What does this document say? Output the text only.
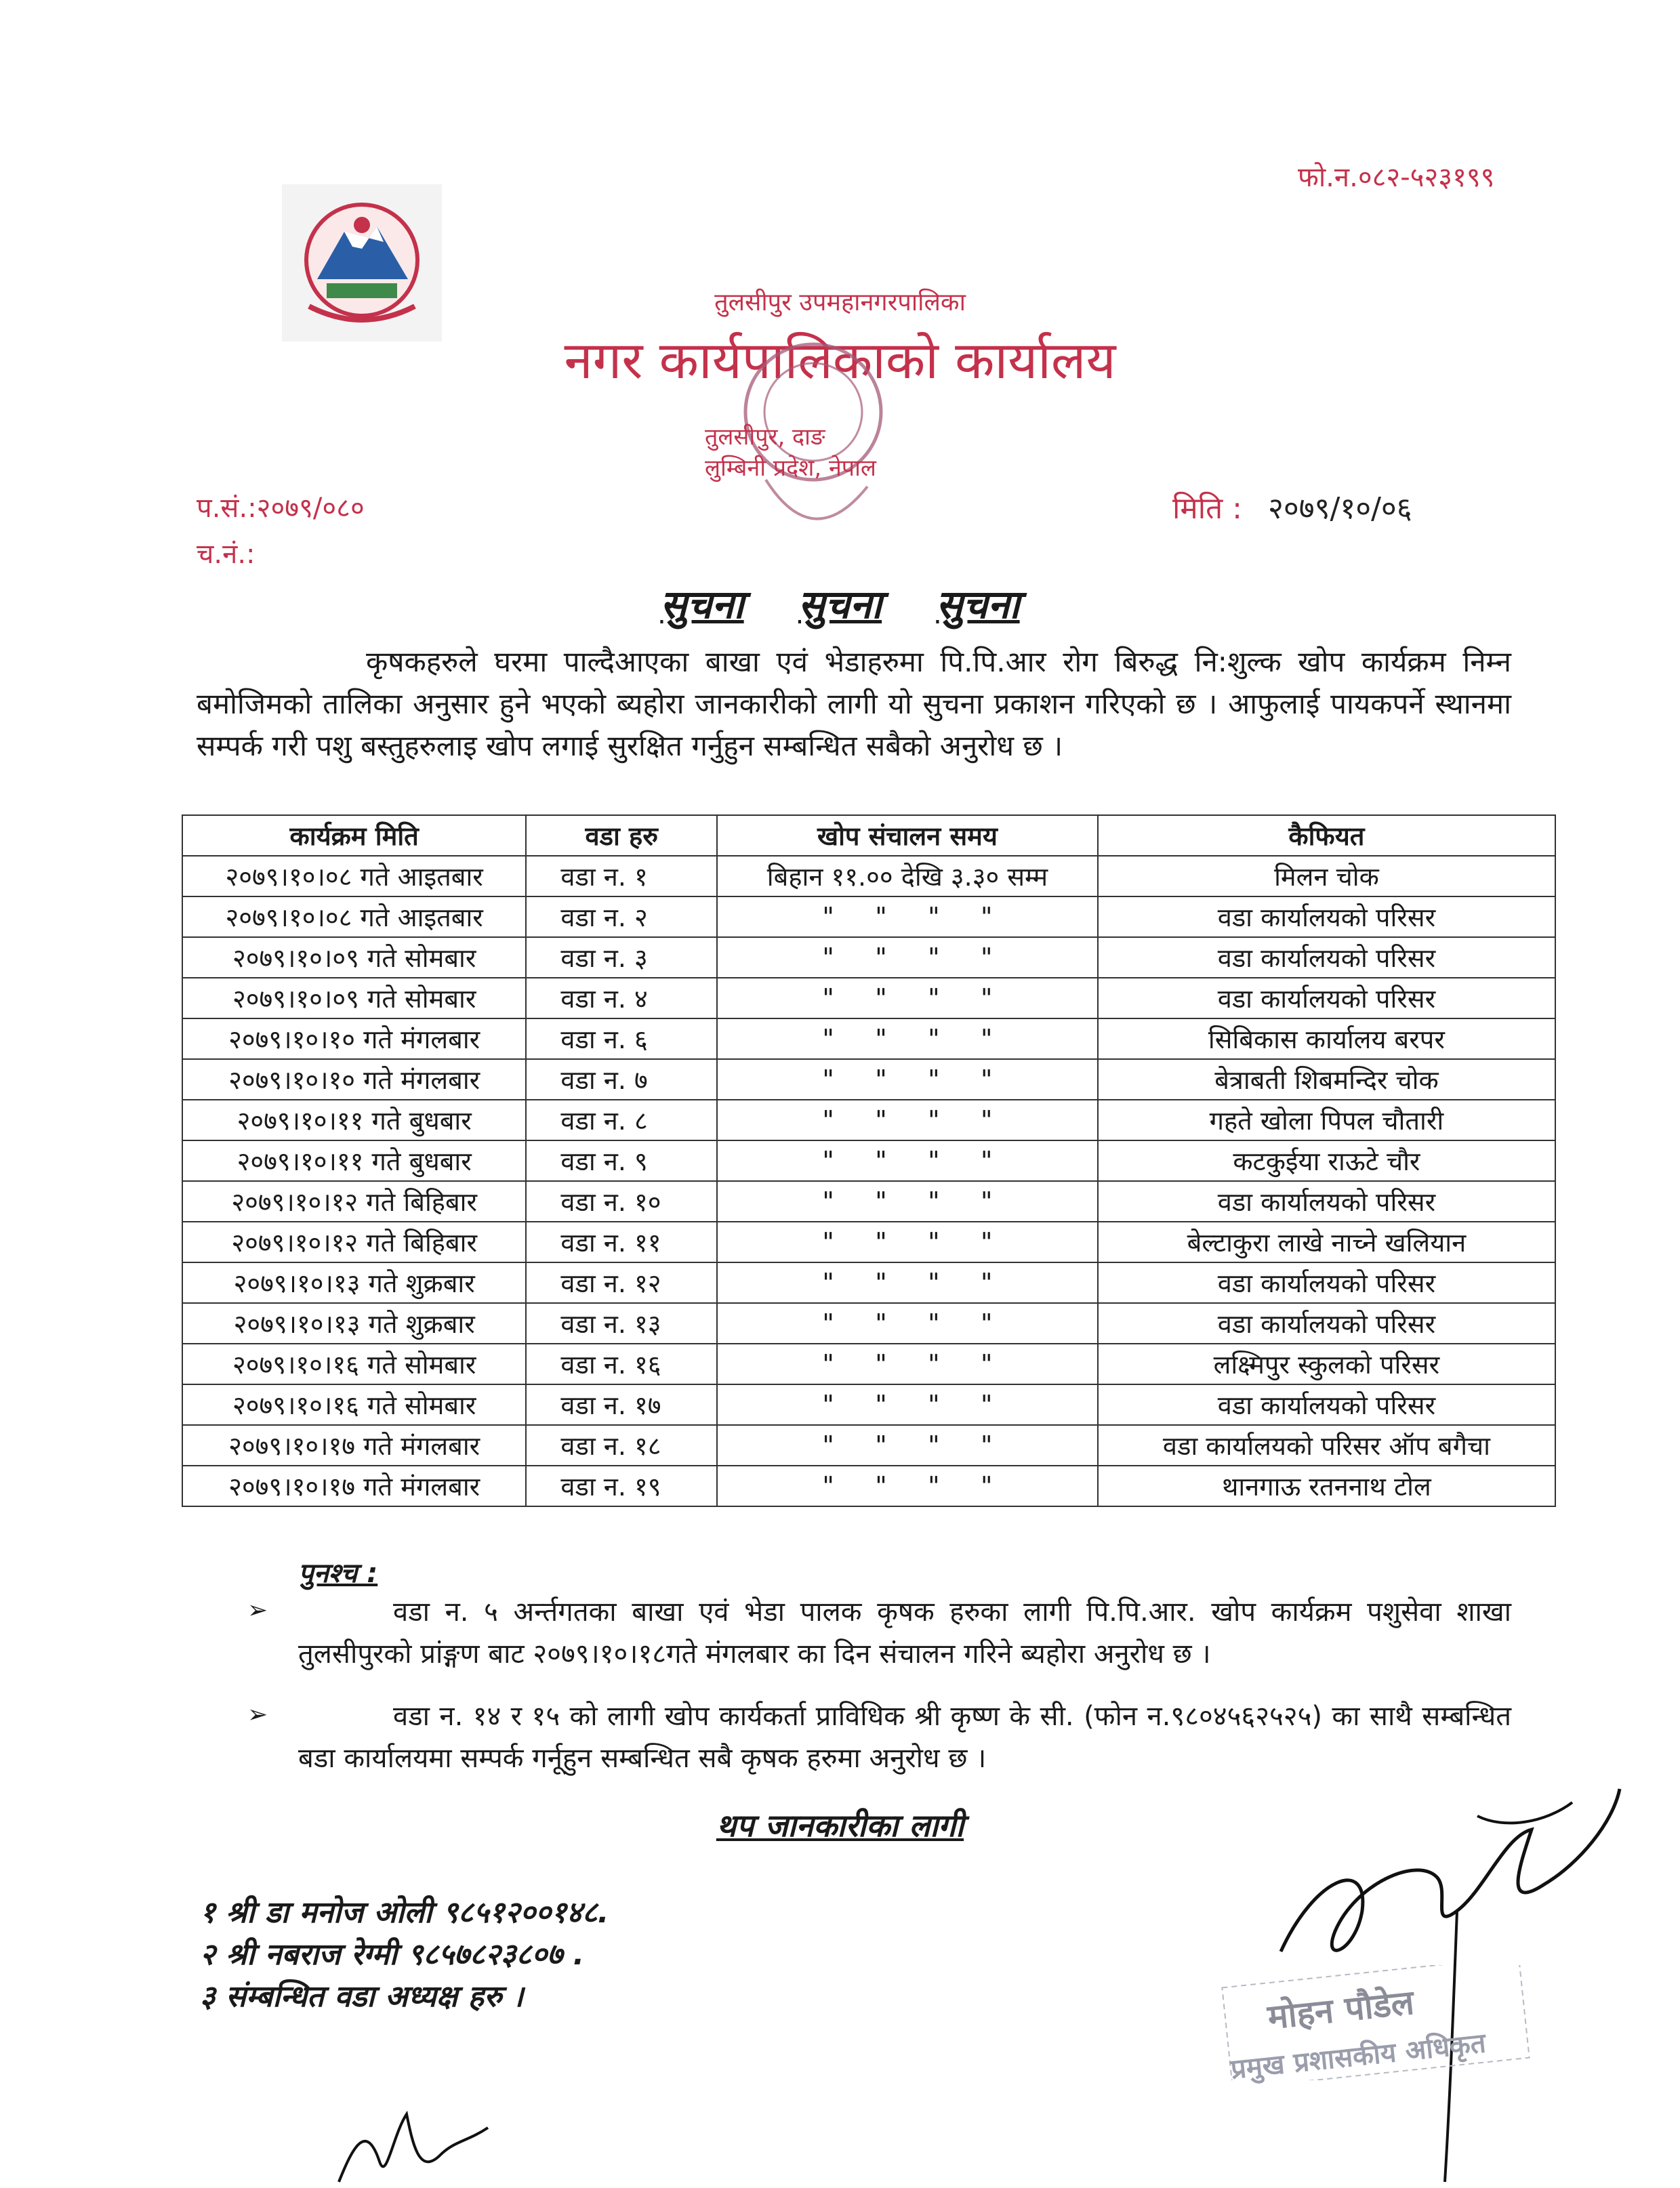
फो.न.०८२-५२३१९९
तुलसीपुर उपमहानगरपालिका
नगर कार्यपालिकाको कार्यालय
तुलसीपुर, दाङ
लुम्बिनी प्रदेश, नेपाल
प.सं.:२०७९/०८०
च.नं.:
मिति : २०७९/१०/०६
सुचना सुचना सुचना
कृषकहरुले घरमा पाल्दैआएका बाखा एवं भेडाहरुमा पि.पि.आर रोग बिरुद्ध नि:शुल्क खोप कार्यक्रम निम्न बमोजिमको तालिका अनुसार हुने भएको ब्यहोरा जानकारीको लागी यो सुचना प्रकाशन गरिएको छ । आफुलाई पायकपर्ने स्थानमा सम्पर्क गरी पशु बस्तुहरुलाइ खोप लगाई सुरक्षित गर्नुहुन सम्बन्धित सबैको अनुरोध छ ।
कार्यक्रम मिति	वडा हरु	खोप संचालन समय	कैफियत
२०७९।१०।०८ गते आइतबार	वडा न. १	बिहान ११.०० देखि ३.३० सम्म	मिलन चोक
२०७९।१०।०८ गते आइतबार	वडा न. २	"     "     "     "	वडा कार्यालयको परिसर
२०७९।१०।०९ गते सोमबार	वडा न. ३	"     "     "     "	वडा कार्यालयको परिसर
२०७९।१०।०९ गते सोमबार	वडा न. ४	"     "     "     "	वडा कार्यालयको परिसर
२०७९।१०।१० गते मंगलबार	वडा न. ६	"     "     "     "	सिबिकास कार्यालय बरपर
२०७९।१०।१० गते मंगलबार	वडा न. ७	"     "     "     "	बेत्राबती शिबमन्दिर चोक
२०७९।१०।११ गते बुधबार	वडा न. ८	"     "     "     "	गहते खोला पिपल चौतारी
२०७९।१०।११ गते बुधबार	वडा न. ९	"     "     "     "	कटकुईया राऊटे चौर
२०७९।१०।१२ गते बिहिबार	वडा न. १०	"     "     "     "	वडा कार्यालयको परिसर
२०७९।१०।१२ गते बिहिबार	वडा न. ११	"     "     "     "	बेल्टाकुरा लाखे नाच्ने खलियान
२०७९।१०।१३ गते शुक्रबार	वडा न. १२	"     "     "     "	वडा कार्यालयको परिसर
२०७९।१०।१३ गते शुक्रबार	वडा न. १३	"     "     "     "	वडा कार्यालयको परिसर
२०७९।१०।१६ गते सोमबार	वडा न. १६	"     "     "     "	लक्ष्मिपुर स्कुलको परिसर
२०७९।१०।१६ गते सोमबार	वडा न. १७	"     "     "     "	वडा कार्यालयको परिसर
२०७९।१०।१७ गते मंगलबार	वडा न. १८	"     "     "     "	वडा कार्यालयको परिसर ऑप बगैचा
२०७९।१०।१७ गते मंगलबार	वडा न. १९	"     "     "     "	थानगाऊ रतननाथ टोल
पुनश्च :
➢	वडा न. ५ अर्न्तगतका बाखा एवं भेडा पालक कृषक हरुका लागी पि.पि.आर. खोप कार्यक्रम पशुसेवा शाखा तुलसीपुरको प्रांङ्गण बाट २०७९।१०।१८गते मंगलबार का दिन संचालन गरिने ब्यहोरा अनुरोध छ ।
➢	वडा न. १४ र १५ को लागी खोप कार्यकर्ता प्राविधिक श्री कृष्ण के सी. (फोन न.९८०४५६२५२५) का साथै सम्बन्धित बडा कार्यालयमा सम्पर्क गर्नूहुन सम्बन्धित सबै कृषक हरुमा अनुरोध छ ।
थप जानकारीका लागी
१ श्री डा मनोज ओली ९८५१२००१४८.
२ श्री नबराज रेग्मी ९८५७८२३८०७ .
३ संम्बन्धित वडा अध्यक्ष हरु ।	मोहन पौडेल
प्रमुख प्रशासकीय अधिकृत
